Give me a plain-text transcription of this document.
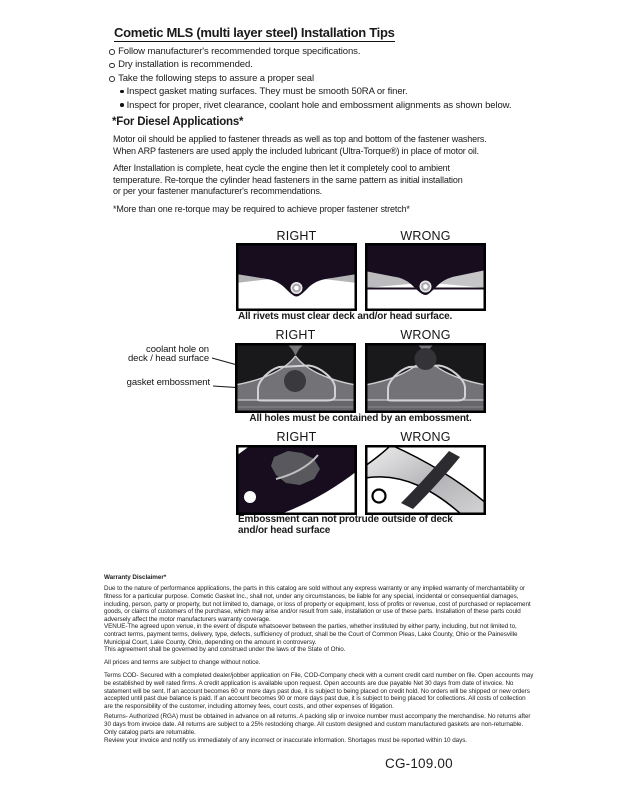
Cometic MLS (multi layer steel) Installation Tips
Follow manufacturer's recommended torque specifications.
Dry installation is recommended.
Take the following steps to assure a proper seal
Inspect gasket mating surfaces. They must be smooth 50RA or finer.
Inspect for proper, rivet clearance, coolant hole and embossment alignments as shown below.
*For Diesel Applications*
Motor oil should be applied to fastener threads as well as top and bottom of the fastener washers.
When ARP fasteners are used apply the included lubricant (Ultra-Torque®) in place of motor oil.
After Installation is complete, heat cycle the engine then let it completely cool to ambient
temperature. Re-torque the cylinder head fasteners in the same pattern as initial installation
or per your fastener manufacturer's recommendations.
*More than one re-torque may be required to achieve proper fastener stretch*
RIGHT	WRONG
All rivets must clear deck and/or head surface.
RIGHT	WRONG
coolant hole on
deck / head surface
gasket embossment
All holes must be contained by an embossment.
RIGHT	WRONG
Embossment can not protrude outside of deck
and/or head surface
Warranty Disclaimer*
Due to the nature of performance applications, the parts in this catalog are sold without any express warranty or any implied warranty of merchantability or
fitness for a particular purpose. Cometic Gasket Inc., shall not, under any circumstances, be liable for any special, incidental or consequential damages,
including, person, party or property, but not limited to, damage, or loss of property or equipment, loss of profits or revenue, cost of purchased or replacement
goods, or claims of customers of the purchase, which may arise and/or result from sale, installation or use of these parts. Installation of these parts could
adversely affect the motor manufacturers warranty coverage.
VENUE-The agreed upon venue, in the event of dispute whatsoever between the parties, whether instituted by either party, including, but not limited to,
contract terms, payment terms, delivery, type, defects, sufficiency of product, shall be the Court of Common Pleas, Lake County, Ohio or the Painesville
Municipal Court, Lake County, Ohio, depending on the amount in controversy.
This agreement shall be governed by and construed under the laws of the State of Ohio.
All prices and terms are subject to change without notice.
Terms COD- Secured with a completed dealer/jobber application on File, COD-Company check with a current credit card number on file. Open accounts may
be established by well rated firms. A credit application is available upon request. Open accounts are due payable Net 30 days from date of invoice. No
statement will be sent. If an account becomes 60 or more days past due, it is subject to being placed on credit hold. No orders will be shipped or new orders
accepted until past due balance is paid. If an account becomes 90 or more days past due, it is subject to being placed for collections. All costs of collection
are the responsibility of the customer, including attorney fees, court costs, and other expenses of litigation.
Returns- Authorized (RGA) must be obtained in advance on all returns. A packing slip or invoice number must accompany the merchandise. No returns after
30 days from invoice date. All returns are subject to a 25% restocking charge. All custom designed and custom manufactured gaskets are non-returnable.
Only catalog parts are returnable.
Review your invoice and notify us immediately of any incorrect or inaccurate information. Shortages must be reported within 10 days.
CG-109.00
